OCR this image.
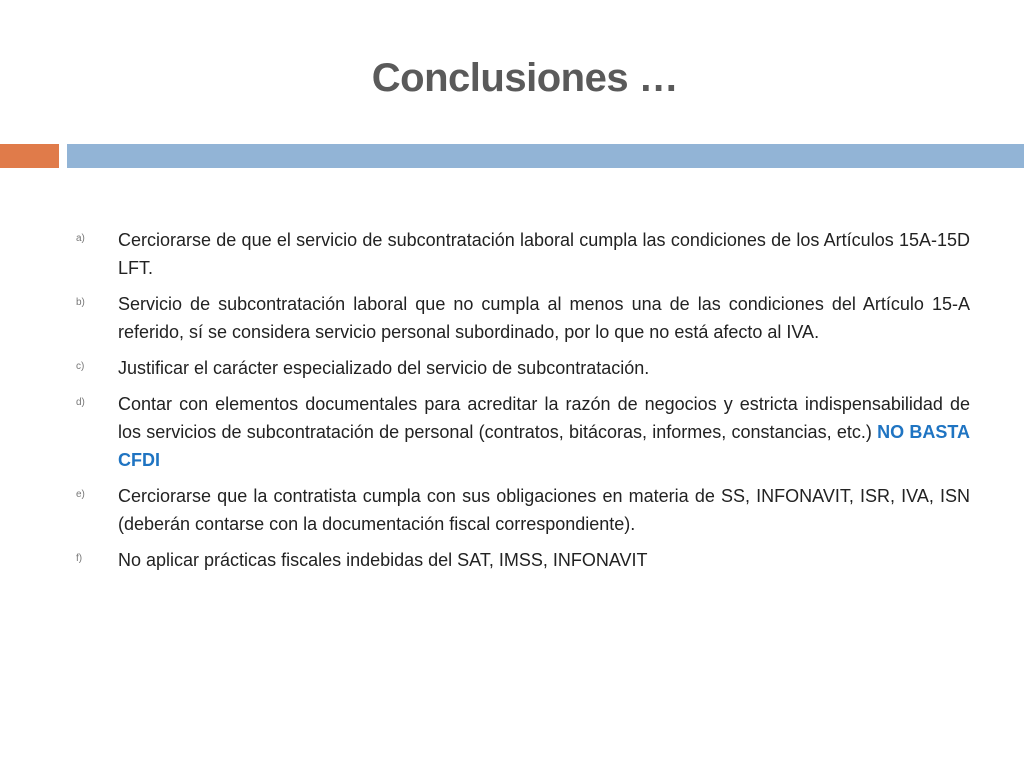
Conclusiones …
a)	Cerciorarse de que el servicio de subcontratación laboral cumpla las condiciones de los Artículos 15A-15D LFT.
b)	Servicio de subcontratación laboral que no cumpla al menos una de las condiciones del Artículo 15-A referido, sí se considera servicio personal subordinado, por lo que no está afecto al IVA.
c)	Justificar el carácter especializado del servicio de subcontratación.
d)	Contar con elementos documentales para acreditar la razón de negocios y estricta indispensabilidad de los servicios de subcontratación de personal (contratos, bitácoras, informes, constancias, etc.) NO BASTA CFDI
e)	Cerciorarse que la contratista cumpla con sus obligaciones en materia de SS, INFONAVIT, ISR, IVA, ISN (deberán contarse con la documentación fiscal correspondiente).
f)	No aplicar prácticas fiscales indebidas del SAT, IMSS, INFONAVIT
